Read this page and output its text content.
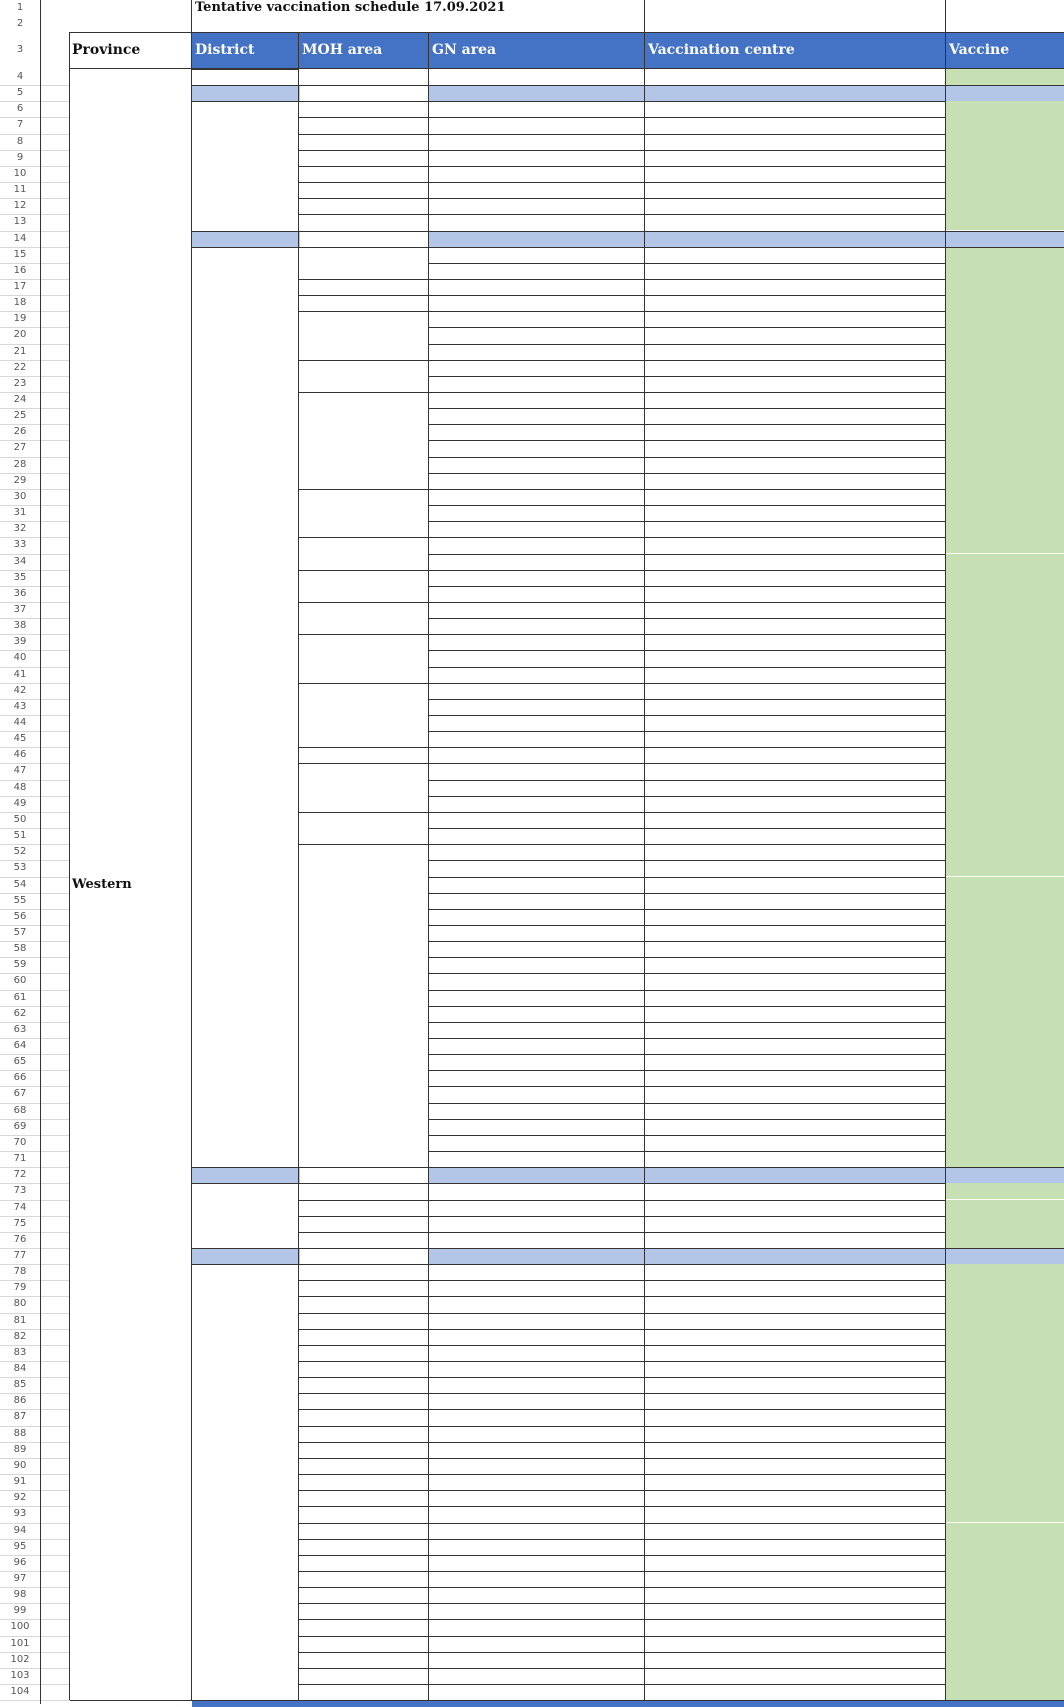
1	Tentative vaccination schedule 17.09.2021
2
3	Province	District	MOH area	GN area	Vaccination centre	Vaccine
Western
4
5
6
7
8
9
10
11
12
13
14
15
16
17
18
19
20
21
22
23
24
25
26
27
28
29
30
31
32
33
34
35
36
37
38
39
40
41
42
43
44
45
46
47
48
49
50
51
52
53
54
55
56
57
58
59
60
61
62
63
64
65
66
67
68
69
70
71
72
73
74
75
76
77
78
79
80
81
82
83
84
85
86
87
88
89
90
91
92
93
94
95
96
97
98
99
100
101
102
103
104
